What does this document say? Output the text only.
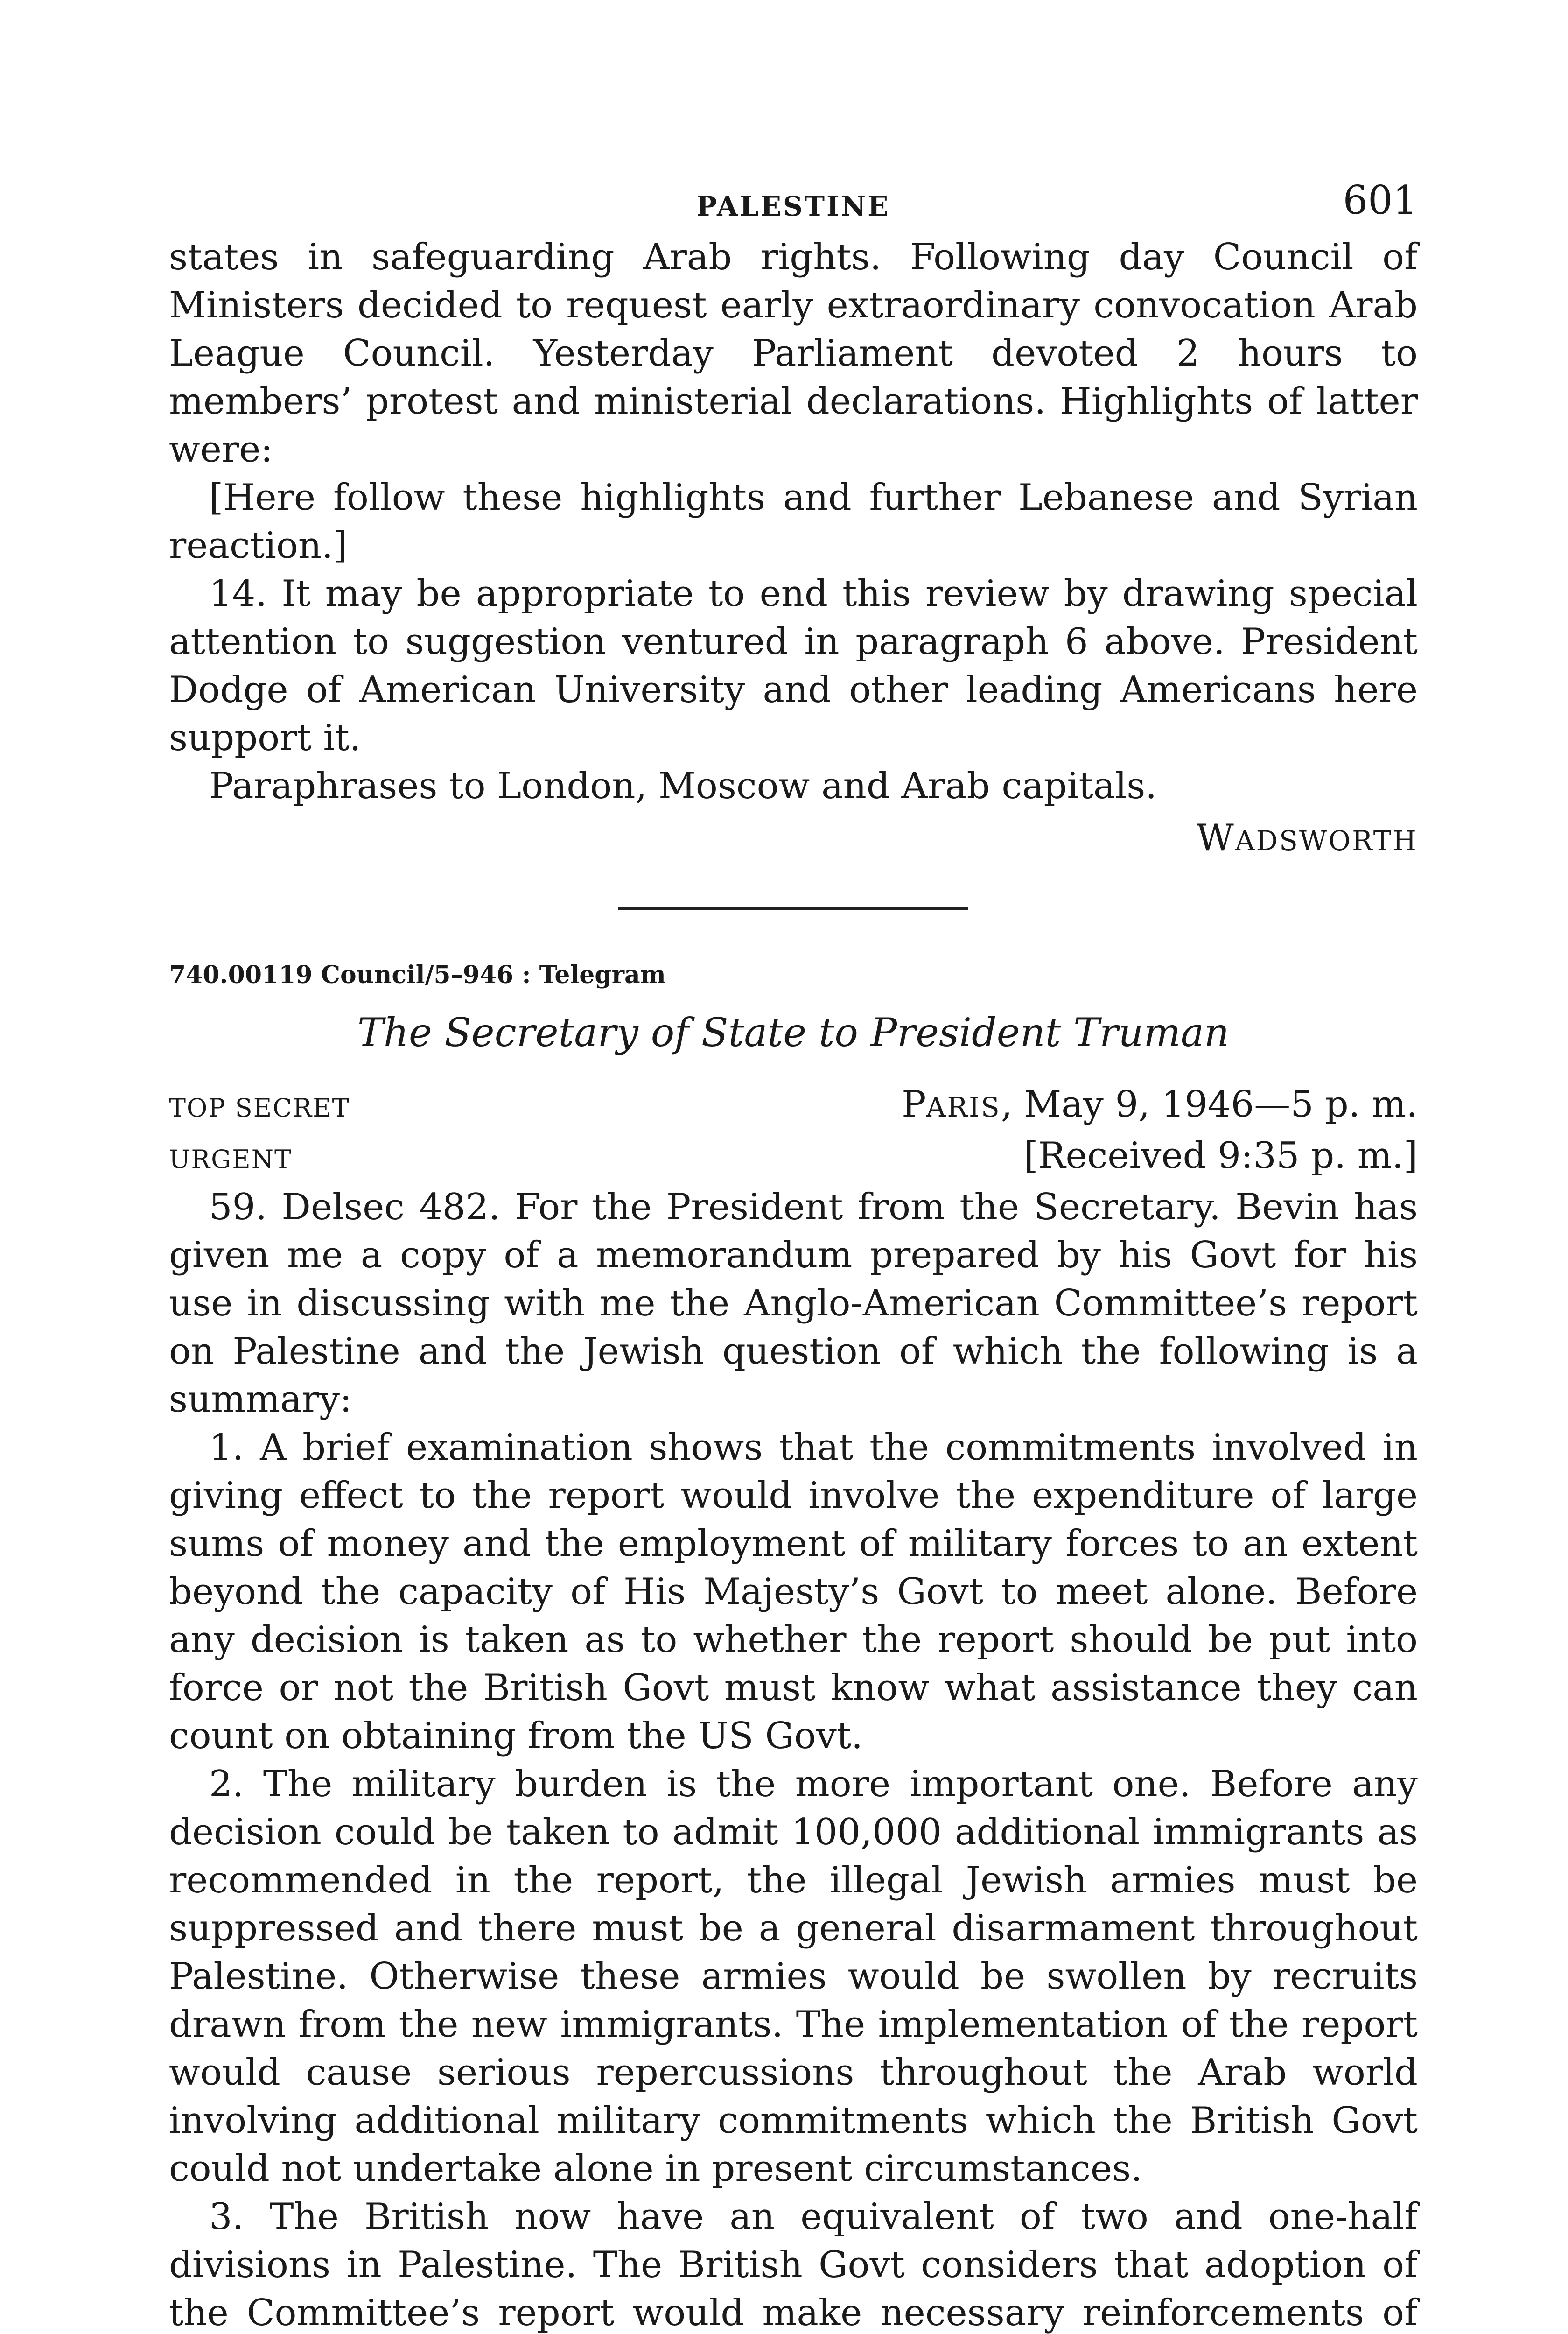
PALESTINE	601

states in safeguarding Arab rights. Following day Council of Ministers decided to request early extraordinary convocation Arab League Council. Yesterday Parliament devoted 2 hours to members’ protest and ministerial declarations. Highlights of latter were:

[Here follow these highlights and further Lebanese and Syrian reaction.]

14. It may be appropriate to end this review by drawing special attention to suggestion ventured in paragraph 6 above. President Dodge of American University and other leading Americans here support it.

Paraphrases to London, Moscow and Arab capitals.

WADSWORTH
740.00119 Council/5–946 : Telegram
The Secretary of State to President Truman
TOP SECRET	PARIS, May 9, 1946—5 p. m.
URGENT	[Received 9:35 p. m.]

59. Delsec 482. For the President from the Secretary. Bevin has given me a copy of a memorandum prepared by his Govt for his use in discussing with me the Anglo-American Committee’s report on Palestine and the Jewish question of which the following is a summary:

1. A brief examination shows that the commitments involved in giving effect to the report would involve the expenditure of large sums of money and the employment of military forces to an extent beyond the capacity of His Majesty’s Govt to meet alone. Before any decision is taken as to whether the report should be put into force or not the British Govt must know what assistance they can count on obtaining from the US Govt.

2. The military burden is the more important one. Before any decision could be taken to admit 100,000 additional immigrants as recommended in the report, the illegal Jewish armies must be suppressed and there must be a general disarmament throughout Palestine. Otherwise these armies would be swollen by recruits drawn from the new immigrants. The implementation of the report would cause serious repercussions throughout the Arab world involving additional military commitments which the British Govt could not undertake alone in present circumstances.

3. The British now have an equivalent of two and one-half divisions in Palestine. The British Govt considers that adoption of the Committee’s report would make necessary reinforcements of
